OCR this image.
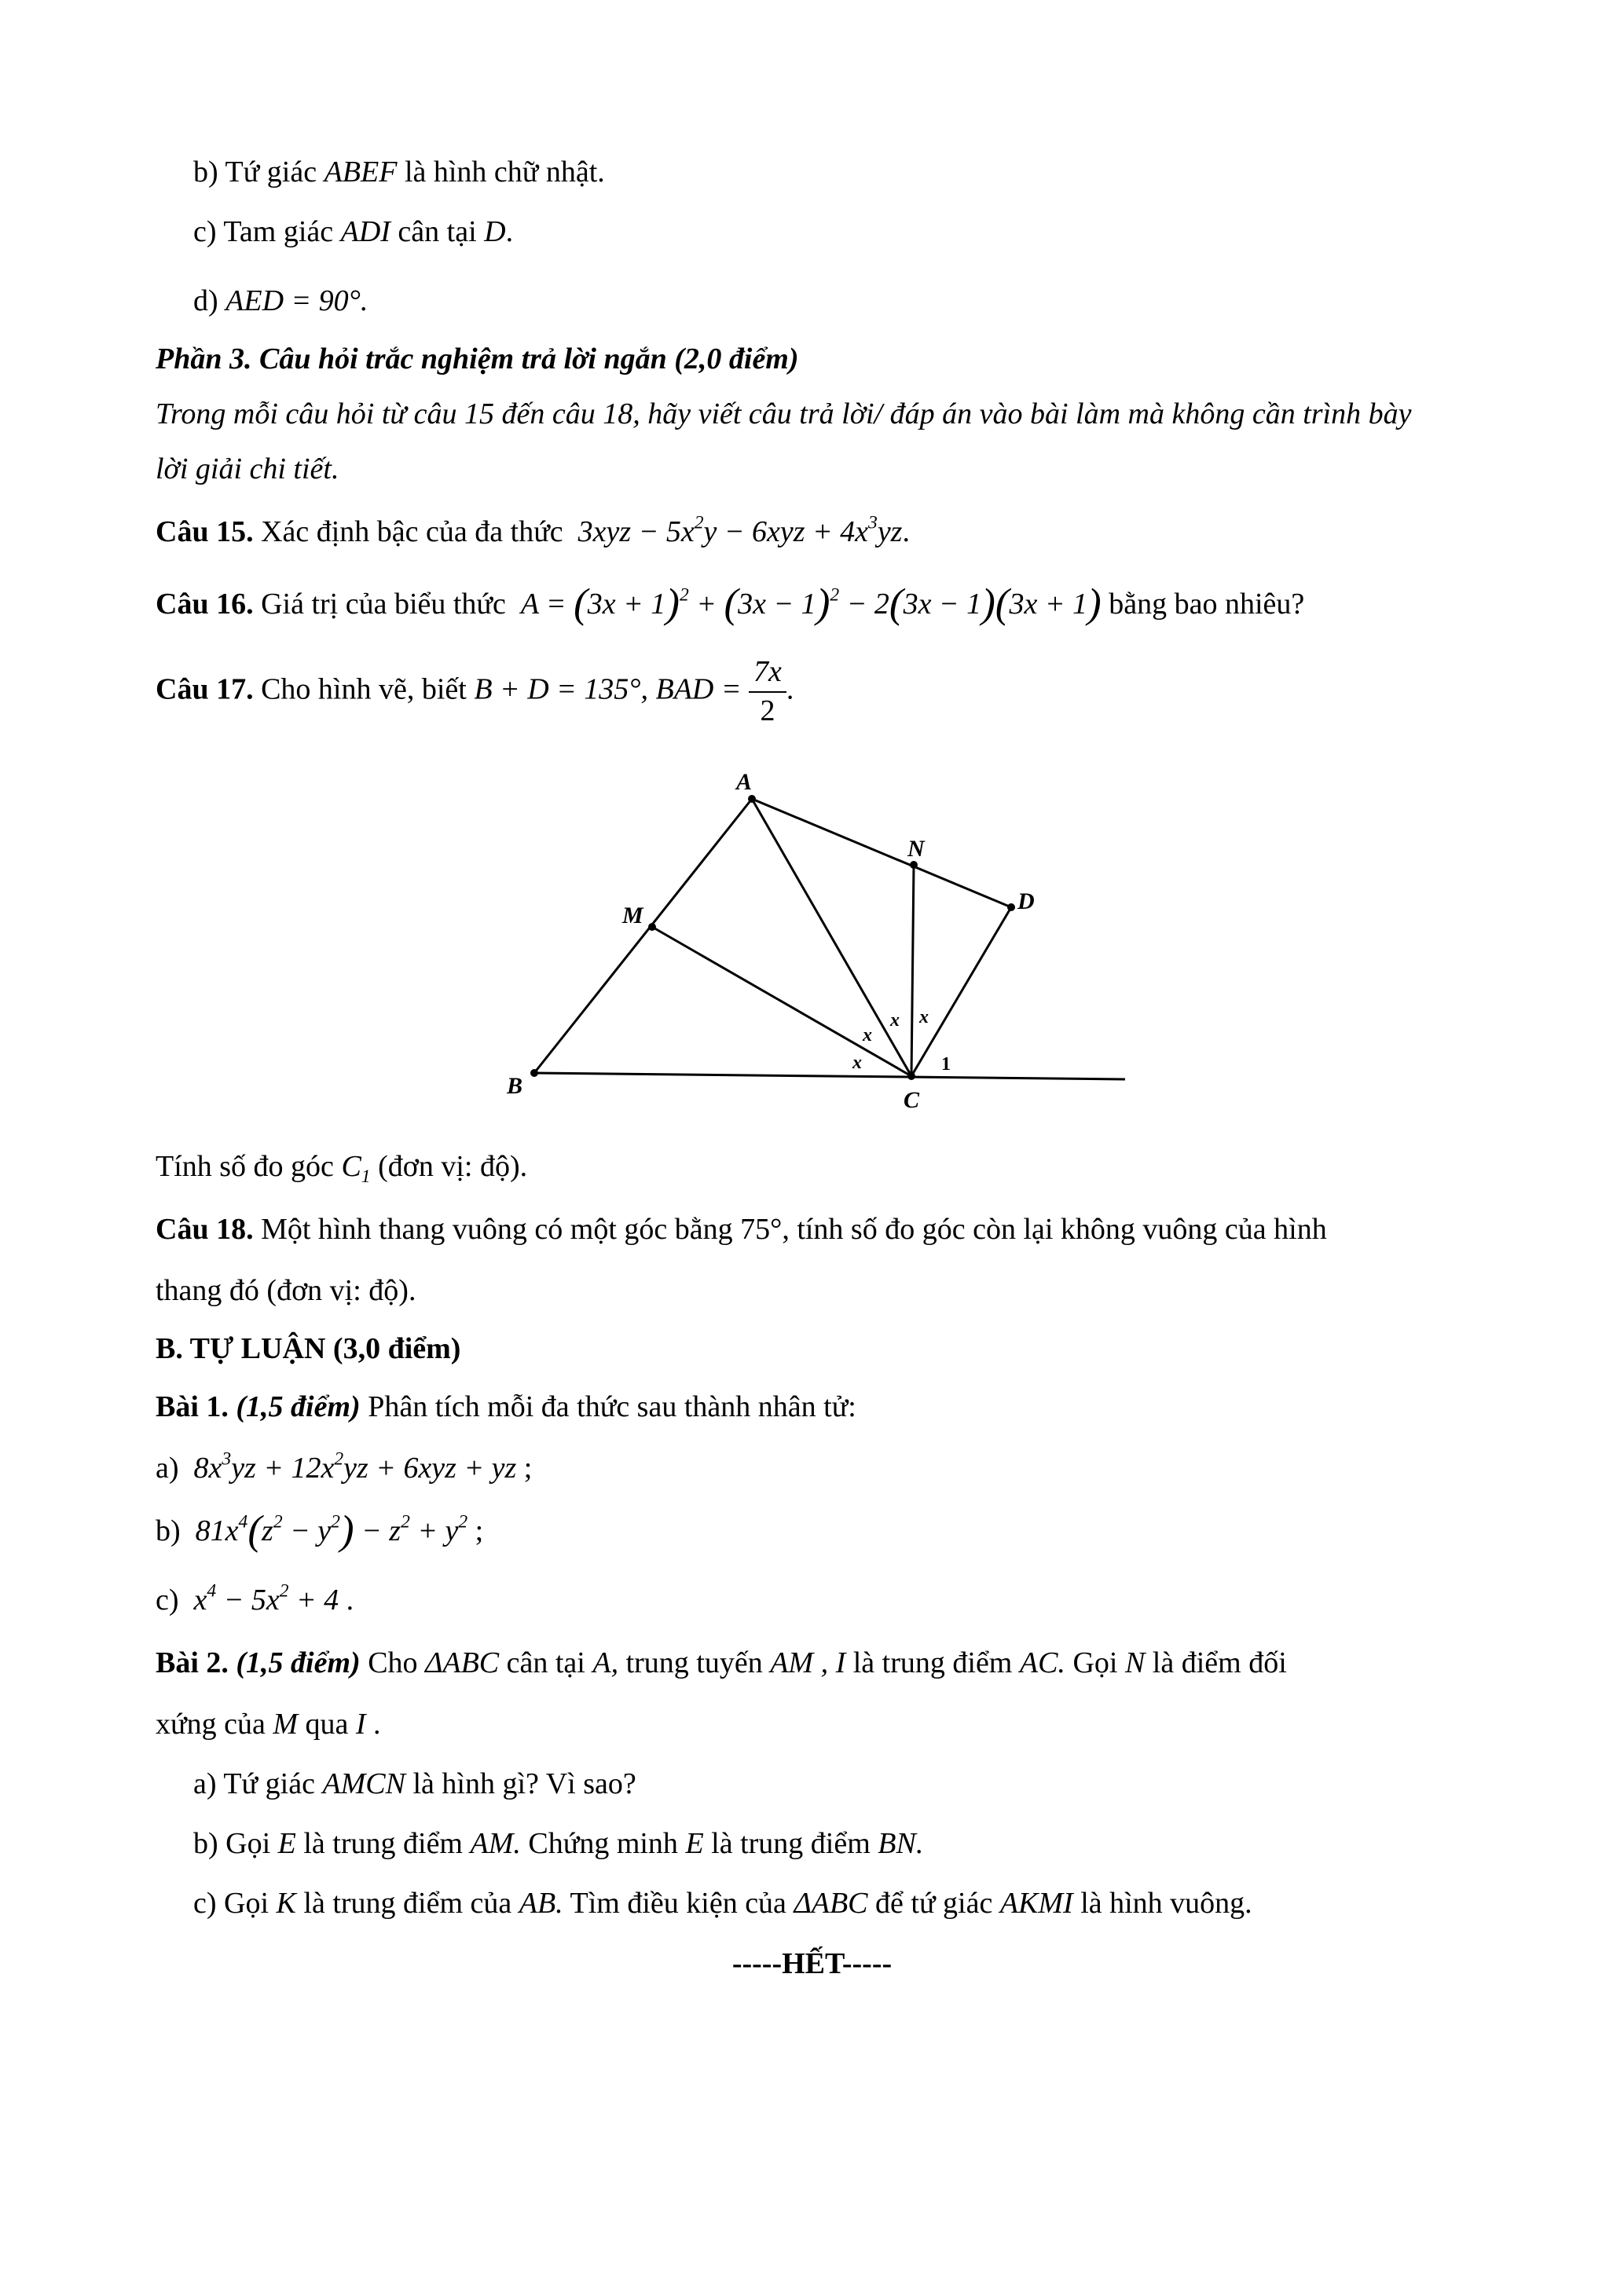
b) Tứ giác ABEF là hình chữ nhật.
c) Tam giác ADI cân tại D.
d) AED = 90°.
Phần 3. Câu hỏi trắc nghiệm trả lời ngắn (2,0 điểm)
Trong mỗi câu hỏi từ câu 15 đến câu 18, hãy viết câu trả lời/ đáp án vào bài làm mà không cần trình bày
lời giải chi tiết.
Câu 15. Xác định bậc của đa thức  $3xyz - 5x^2y - 6xyz + 4x^3yz$.
Câu 16. Giá trị của biểu thức  $A = (3x + 1)^2 + (3x - 1)^2 - 2(3x - 1)(3x + 1)$ bằng bao nhiêu?
Câu 17. Cho hình vẽ, biết B + D = 135°, BAD = $\frac{7x}{2}$ .
A
B
C
D
M
N
x
x
x x
1
Tính số đo góc $C_1$ (đơn vị: độ).
Câu 18. Một hình thang vuông có một góc bằng 75°, tính số đo góc còn lại không vuông của hình
thang đó (đơn vị: độ).
B. TỰ LUẬN (3,0 điểm)
Bài 1. (1,5 điểm) Phân tích mỗi đa thức sau thành nhân tử:
a)  $8x^3yz + 12x^2yz + 6xyz$ + yz ;
b)  $81x^4(z^2 - y^2) - z^2 + y^2$ ;
c)  $x^4 - 5x^2 + 4$ .
Bài 2. (1,5 điểm) Cho ΔABC cân tại A, trung tuyến AM , I là trung điểm AC. Gọi N là điểm đối
xứng của M qua I .
a) Tứ giác AMCN là hình gì? Vì sao?
b) Gọi E là trung điểm AM. Chứng minh E là trung điểm BN.
c) Gọi K là trung điểm của AB. Tìm điều kiện của ΔABC để tứ giác AKMI là hình vuông.
-----HẾT-----
